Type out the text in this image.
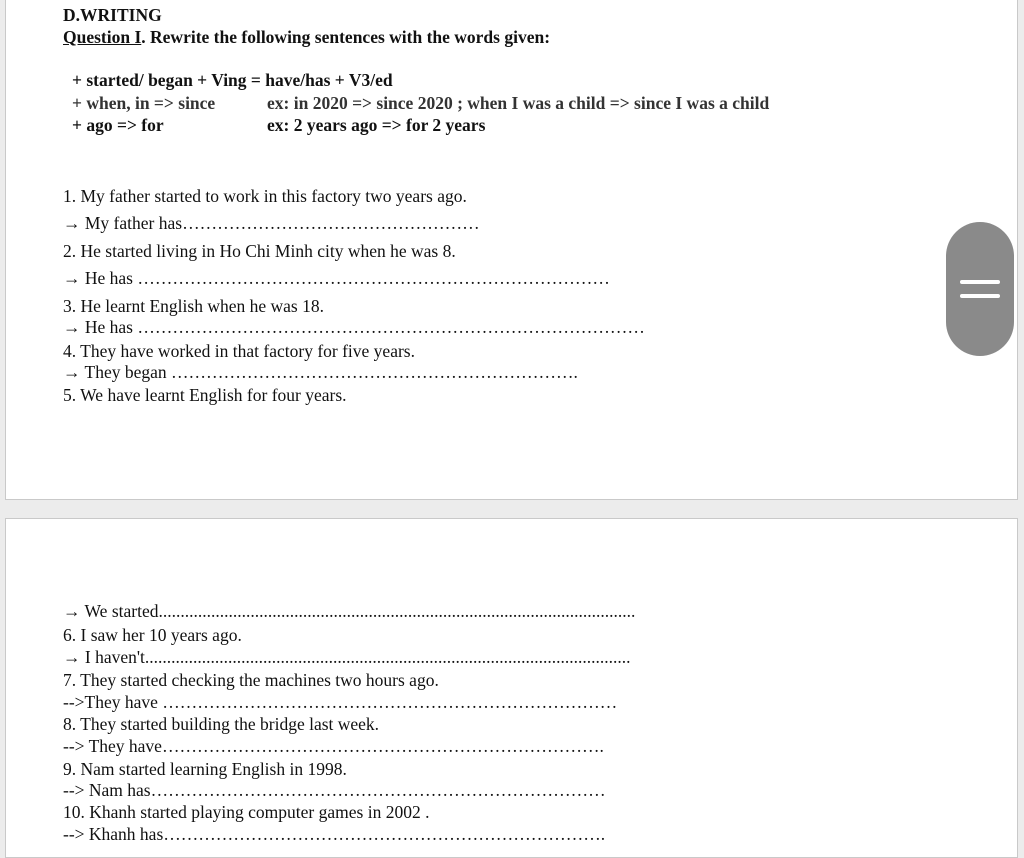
D.WRITING
Question I. Rewrite the following sentences with the words given:
+ started/ began + Ving = have/has + V3/ed
+ when, in => since	ex: in 2020 => since 2020 ; when I was a child => since I was a child
+ ago => for	ex: 2 years ago => for 2 years
1. My father started to work in this factory two years ago.
→ My father has……………………………………………
2. He started living in Ho Chi Minh city when he was 8.
→ He has ………………………………………………………………………
3. He learnt English when he was 18.
→ He has ……………………………………………………………………………
4. They have worked in that factory for five years.
→ They began …………………………………………………………….
5. We have learnt English for four years.
→ We started.............................................................................................................
6. I saw her 10 years ago.
→ I haven't...............................................................................................................
7. They started checking the machines two hours ago.
-->They have ……………………………………………………………………
8. They started building the bridge last week.
--> They have………………………………………………………………….
9. Nam started learning English in 1998.
--> Nam has……………………………………………………………………
10. Khanh started playing computer games in 2002 .
--> Khanh has………………………………………………………………….
